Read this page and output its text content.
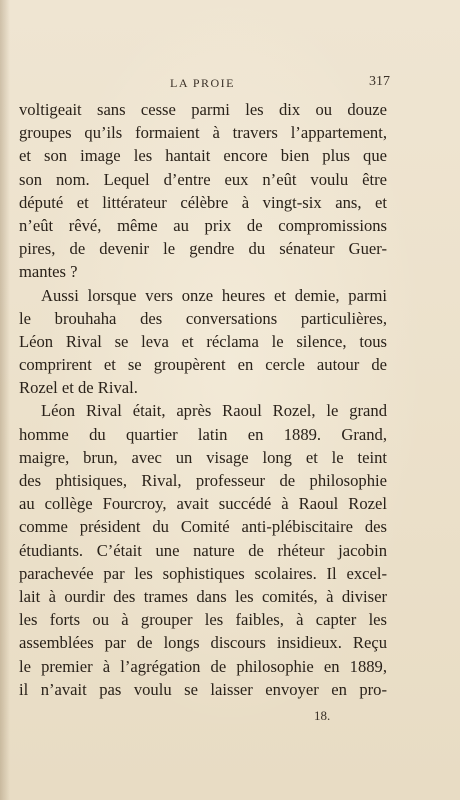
LA PROIE	317
voltigeait sans cesse parmi les dix ou douze
groupes qu’ils formaient à travers l’appartement,
et son image les hantait encore bien plus que
son nom. Lequel d’entre eux n’eût voulu être
député et littérateur célèbre à vingt-six ans, et
n’eût rêvé, même au prix de compromissions
pires, de devenir le gendre du sénateur Guer-
mantes ?
Aussi lorsque vers onze heures et demie, parmi
le brouhaha des conversations particulières,
Léon Rival se leva et réclama le silence, tous
comprirent et se groupèrent en cercle autour de
Rozel et de Rival.
Léon Rival était, après Raoul Rozel, le grand
homme du quartier latin en 1889. Grand,
maigre, brun, avec un visage long et le teint
des phtisiques, Rival, professeur de philosophie
au collège Fourcroy, avait succédé à Raoul Rozel
comme président du Comité anti-plébiscitaire des
étudiants. C’était une nature de rhéteur jacobin
parachevée par les sophistiques scolaires. Il excel-
lait à ourdir des trames dans les comités, à diviser
les forts ou à grouper les faibles, à capter les
assemblées par de longs discours insidieux. Reçu
le premier à l’agrégation de philosophie en 1889,
il n’avait pas voulu se laisser envoyer en pro-
18.
